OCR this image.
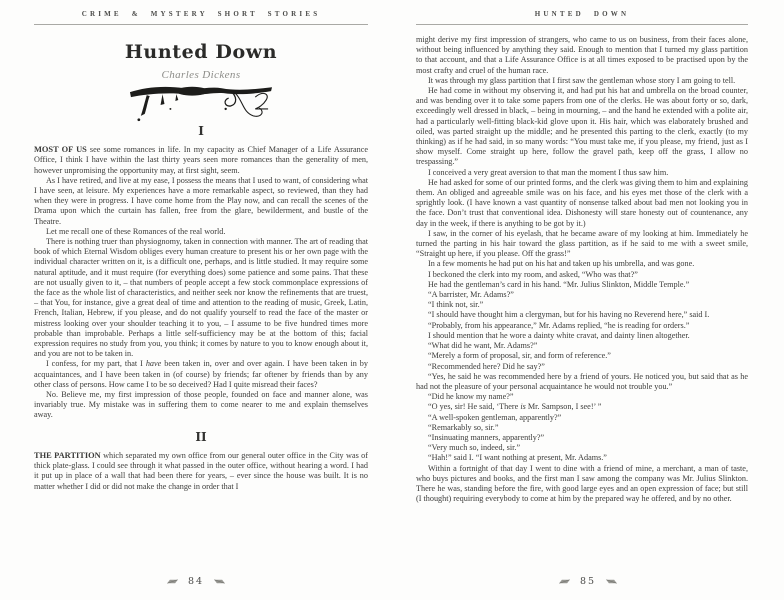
CRIME & MYSTERY SHORT STORIES
Hunted Down
Charles Dickens
I

MOST OF US see some romances in life. In my capacity as Chief Manager of a Life Assurance Office, I think I have within the last thirty years seen more romances than the generality of men, however unpromising the opportunity may, at first sight, seem.

As I have retired, and live at my ease, I possess the means that I used to want, of considering what I have seen, at leisure. My experiences have a more remarkable aspect, so reviewed, than they had when they were in progress. I have come home from the Play now, and can recall the scenes of the Drama upon which the curtain has fallen, free from the glare, bewilderment, and bustle of the Theatre.

Let me recall one of these Romances of the real world.

There is nothing truer than physiognomy, taken in connection with manner. The art of reading that book of which Eternal Wisdom obliges every human creature to present his or her own page with the individual character written on it, is a difficult one, perhaps, and is little studied. It may require some natural aptitude, and it must require (for everything does) some patience and some pains. That these are not usually given to it, – that numbers of people accept a few stock commonplace expressions of the face as the whole list of characteristics, and neither seek nor know the refinements that are truest, – that You, for instance, give a great deal of time and attention to the reading of music, Greek, Latin, French, Italian, Hebrew, if you please, and do not qualify yourself to read the face of the master or mistress looking over your shoulder teaching it to you, – I assume to be five hundred times more probable than improbable. Perhaps a little self-sufficiency may be at the bottom of this; facial expression requires no study from you, you think; it comes by nature to you to know enough about it, and you are not to be taken in.

I confess, for my part, that I have been taken in, over and over again. I have been taken in by acquaintances, and I have been taken in (of course) by friends; far oftener by friends than by any other class of persons. How came I to be so deceived? Had I quite misread their faces?

No. Believe me, my first impression of those people, founded on face and manner alone, was invariably true. My mistake was in suffering them to come nearer to me and explain themselves away.

II

THE PARTITION which separated my own office from our general outer office in the City was of thick plate-glass. I could see through it what passed in the outer office, without hearing a word. I had it put up in place of a wall that had been there for years, – ever since the house was built. It is no matter whether I did or did not make the change in order that I

84
HUNTED DOWN

might derive my first impression of strangers, who came to us on business, from their faces alone, without being influenced by anything they said. Enough to mention that I turned my glass partition to that account, and that a Life Assurance Office is at all times exposed to be practised upon by the most crafty and cruel of the human race.

It was through my glass partition that I first saw the gentleman whose story I am going to tell.

He had come in without my observing it, and had put his hat and umbrella on the broad counter, and was bending over it to take some papers from one of the clerks. He was about forty or so, dark, exceedingly well dressed in black, – being in mourning, – and the hand he extended with a polite air, had a particularly well-fitting black-kid glove upon it. His hair, which was elaborately brushed and oiled, was parted straight up the middle; and he presented this parting to the clerk, exactly (to my thinking) as if he had said, in so many words: “You must take me, if you please, my friend, just as I show myself. Come straight up here, follow the gravel path, keep off the grass, I allow no trespassing.”

I conceived a very great aversion to that man the moment I thus saw him.

He had asked for some of our printed forms, and the clerk was giving them to him and explaining them. An obliged and agreeable smile was on his face, and his eyes met those of the clerk with a sprightly look. (I have known a vast quantity of nonsense talked about bad men not looking you in the face. Don’t trust that conventional idea. Dishonesty will stare honesty out of countenance, any day in the week, if there is anything to be got by it.)

I saw, in the corner of his eyelash, that he became aware of my looking at him. Immediately he turned the parting in his hair toward the glass partition, as if he said to me with a sweet smile, “Straight up here, if you please. Off the grass!”

In a few moments he had put on his hat and taken up his umbrella, and was gone.

I beckoned the clerk into my room, and asked, “Who was that?”

He had the gentleman’s card in his hand. “Mr. Julius Slinkton, Middle Temple.”

“A barrister, Mr. Adams?”

“I think not, sir.”

“I should have thought him a clergyman, but for his having no Reverend here,” said I.

“Probably, from his appearance,” Mr. Adams replied, “he is reading for orders.”

I should mention that he wore a dainty white cravat, and dainty linen altogether.

“What did he want, Mr. Adams?”

“Merely a form of proposal, sir, and form of reference.”

“Recommended here? Did he say?”

“Yes, he said he was recommended here by a friend of yours. He noticed you, but said that as he had not the pleasure of your personal acquaintance he would not trouble you.”

“Did he know my name?”

“O yes, sir! He said, ‘There is Mr. Sampson, I see!’ ”

“A well-spoken gentleman, apparently?”

“Remarkably so, sir.”

“Insinuating manners, apparently?”

“Very much so, indeed, sir.”

“Hah!” said I. “I want nothing at present, Mr. Adams.”

Within a fortnight of that day I went to dine with a friend of mine, a merchant, a man of taste, who buys pictures and books, and the first man I saw among the company was Mr. Julius Slinkton. There he was, standing before the fire, with good large eyes and an open expression of face; but still (I thought) requiring everybody to come at him by the prepared way he offered, and by no other.

85
